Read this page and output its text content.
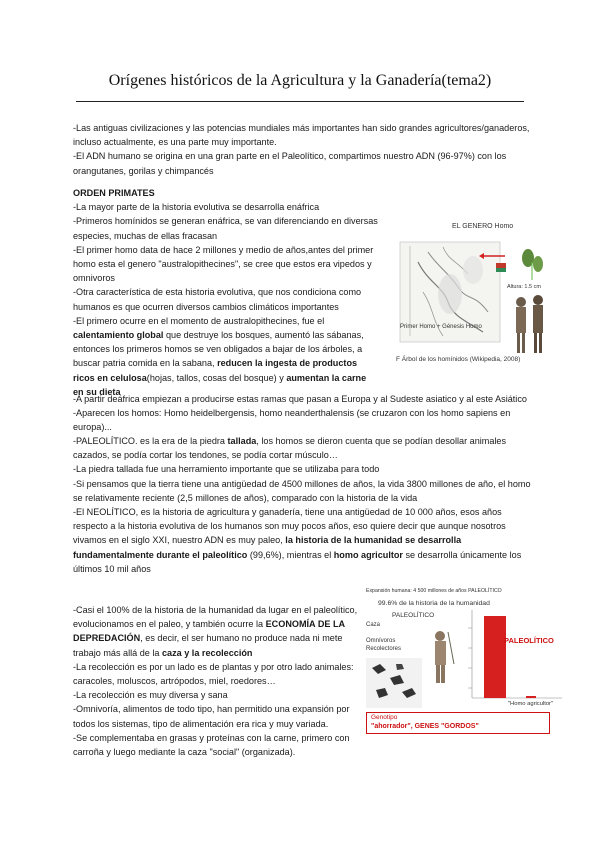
Orígenes históricos de la Agricultura y la Ganadería(tema2)

-Las antiguas civilizaciones y las potencias mundiales más importantes han sido grandes agricultores/ganaderos, incluso actualmente, es una parte muy importante.

-El ADN humano se origina en una gran parte en el Paleolítico, compartimos nuestro ADN (96-97%) con los orangutanes, gorilas y chimpancés

ORDEN PRIMATES

-La mayor parte de la historia evolutiva se desarrolla enáfrica

-Primeros homínidos se generan enáfrica, se van diferenciando en diversas especies, muchas de ellas fracasan

-El primer homo data de hace 2 millones y medio de años,antes del primer homo esta el genero "australopithecines", se cree que estos era vipedos y omnivoros

-Otra característica de esta historia evolutiva, que nos condiciona como humanos es que ocurren diversos cambios climáticos importantes

-El primero ocurre en el momento de australopithecines, fue el calentamiento global que destruye los bosques, aumentó las sábanas, entonces los primeros homos se ven obligados a bajar de los árboles, a buscar patria comida en la sabana, reducen la ingesta de productos ricos en celulosa(hojas, tallos, cosas del bosque) y aumentan la carne en su dieta

-A partir deáfrica empiezan a producirse estas ramas que pasan a Europa y al Sudeste asiatico y al este Asiático

-Aparecen los homos: Homo heidelbergensis, homo neanderthalensis (se cruzaron con los homo sapiens en europa)...

-PALEOLÍTICO. es la era de la piedra tallada, los homos se dieron cuenta que se podían desollar animales cazados, se podía cortar los tendones, se podía cortar músculo…

-La piedra tallada fue una herramiento importante que se utilizaba para todo

-Si pensamos que la tierra tiene una antigüedad de 4500 millones de años, la vida 3800 millones de año, el homo se relativamente reciente (2,5 millones de años), comparado con la historia de la vida

-El NEOLÍTICO, es la historia de agricultura y ganadería, tiene una antigüedad de 10 000 años, esos años respecto a la historia evolutiva de los humanos son muy pocos años, eso quiere decir que aunque nosotros vivamos en el siglo XXI, nuestro ADN es muy paleo, la historia de la humanidad se desarrolla fundamentalmente durante el paleolítico (99,6%), mientras el homo agricultor se desarrolla únicamente los últimos 10 mil años

-Casi el 100% de la historia de la humanidad da lugar en el paleolítico, evolucionamos en el paleo, y también ocurre la ECONOMÍA DE LA DEPREDACIÓN, es decir, el ser humano no produce nada ni mete trabajo más allá de la caza y la recolección

-La recolección es por un lado es de plantas y por otro lado animales: caracoles, moluscos, artrópodos, miel, roedores…

-La recolección es muy diversa y sana

-Omnivoría, alimentos de todo tipo, han permitido una expansión por todos los sistemas, tipo de alimentación era rica y muy variada.

-Se complementaba en grasas y proteínas con la carne, primero con carroña y luego mediante la caza "social" (organizada).

EL GENERO Homo
Primer Homo + Génesis Homo
Altura: 1.5 cm
F Árbol de los homínidos (Wikipedia, 2008)
Expansión humana: 4 500 millones de años PALEOLÍTICO
99.6% de la historia de la humanidad
PALEOLÍTICO
Caza
Omnívoros
Recolectores
PALEOLÍTICO
"Homo agricultor"
Genotipo
"ahorrador", GENES "GORDOS"
